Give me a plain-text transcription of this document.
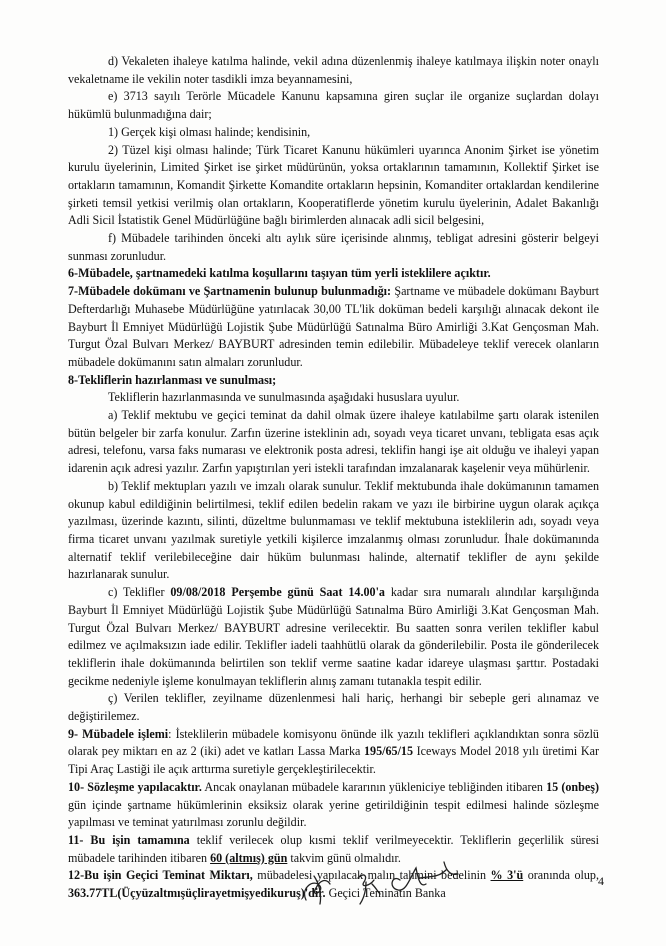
d) Vekaleten ihaleye katılma halinde, vekil adına düzenlenmiş ihaleye katılmaya ilişkin noter onaylı vekaletname ile vekilin noter tasdikli imza beyannamesini,

e) 3713 sayılı Terörle Mücadele Kanunu kapsamına giren suçlar ile organize suçlardan dolayı hükümlü bulunmadığına dair;

1) Gerçek kişi olması halinde; kendisinin,

2) Tüzel kişi olması halinde; Türk Ticaret Kanunu hükümleri uyarınca Anonim Şirket ise yönetim kurulu üyelerinin, Limited Şirket ise şirket müdürünün, yoksa ortaklarının tamamının, Kollektif Şirket ise ortakların tamamının, Komandit Şirkette Komandite ortakların hepsinin, Komanditer ortaklardan kendilerine şirketi temsil yetkisi verilmiş olan ortakların, Kooperatiflerde yönetim kurulu üyelerinin, Adalet Bakanlığı Adli Sicil İstatistik Genel Müdürlüğüne bağlı birimlerden alınacak adli sicil belgesini,

f) Mübadele tarihinden önceki altı aylık süre içerisinde alınmış, tebligat adresini gösterir belgeyi sunması zorunludur.

6-Mübadele, şartnamedeki katılma koşullarını taşıyan tüm yerli isteklilere açıktır.

7-Mübadele dokümanı ve Şartnamenin bulunup bulunmadığı: Şartname ve mübadele dokümanı Bayburt Defterdarlığı Muhasebe Müdürlüğüne yatırılacak 30,00 TL'lik doküman bedeli karşılığı alınacak dekont ile Bayburt İl Emniyet Müdürlüğü Lojistik Şube Müdürlüğü Satınalma Büro Amirliği 3.Kat Gençosman Mah. Turgut Özal Bulvarı Merkez/ BAYBURT adresinden temin edilebilir. Mübadeleye teklif verecek olanların mübadele dokümanını satın almaları zorunludur.

8-Tekliflerin hazırlanması ve sunulması;

Tekliflerin hazırlanmasında ve sunulmasında aşağıdaki hususlara uyulur.

a) Teklif mektubu ve geçici teminat da dahil olmak üzere ihaleye katılabilme şartı olarak istenilen bütün belgeler bir zarfa konulur. Zarfın üzerine isteklinin adı, soyadı veya ticaret unvanı, tebligata esas açık adresi, telefonu, varsa faks numarası ve elektronik posta adresi, teklifin hangi işe ait olduğu ve ihaleyi yapan idarenin açık adresi yazılır. Zarfın yapıştırılan yeri istekli tarafından imzalanarak kaşelenir veya mühürlenir.

b) Teklif mektupları yazılı ve imzalı olarak sunulur. Teklif mektubunda ihale dokümanının tamamen okunup kabul edildiğinin belirtilmesi, teklif edilen bedelin rakam ve yazı ile birbirine uygun olarak açıkça yazılması, üzerinde kazıntı, silinti, düzeltme bulunmaması ve teklif mektubuna isteklilerin adı, soyadı veya firma ticaret unvanı yazılmak suretiyle yetkili kişilerce imzalanmış olması zorunludur. İhale dokümanında alternatif teklif verilebileceğine dair hüküm bulunması halinde, alternatif teklifler de aynı şekilde hazırlanarak sunulur.

c) Teklifler 09/08/2018 Perşembe günü Saat 14.00'a kadar sıra numaralı alındılar karşılığında Bayburt İl Emniyet Müdürlüğü Lojistik Şube Müdürlüğü Satınalma Büro Amirliği 3.Kat Gençosman Mah. Turgut Özal Bulvarı Merkez/ BAYBURT adresine verilecektir. Bu saatten sonra verilen teklifler kabul edilmez ve açılmaksızın iade edilir. Teklifler iadeli taahhütlü olarak da gönderilebilir. Posta ile gönderilecek tekliflerin ihale dokümanında belirtilen son teklif verme saatine kadar idareye ulaşması şarttır. Postadaki gecikme nedeniyle işleme konulmayan tekliflerin alınış zamanı tutanakla tespit edilir.

ç) Verilen teklifler, zeyilname düzenlenmesi hali hariç, herhangi bir sebeple geri alınamaz ve değiştirilemez.

9- Mübadele işlemi: İsteklilerin mübadele komisyonu önünde ilk yazılı teklifleri açıklandıktan sonra sözlü olarak pey miktarı en az 2 (iki) adet ve katları Lassa Marka 195/65/15 Iceways Model 2018 yılı üretimi Kar Tipi Araç Lastiği ile açık arttırma suretiyle gerçekleştirilecektir.

10- Sözleşme yapılacaktır. Ancak onaylanan mübadele kararının yükleniciye tebliğinden itibaren 15 (onbeş) gün içinde şartname hükümlerinin eksiksiz olarak yerine getirildiğinin tespit edilmesi halinde sözleşme yapılması ve teminat yatırılması zorunlu değildir.

11- Bu işin tamamına teklif verilecek olup kısmi teklif verilmeyecektir. Tekliflerin geçerlilik süresi mübadele tarihinden itibaren 60 (altmış) gün takvim günü olmalıdır.

12-Bu işin Geçici Teminat Miktarı, mübadelesi yapılacak malın tahmini bedelinin % 3'ü oranında olup, 363.77TL(Üçyüzaltmışüçlirayetmişyedikuruş)'dir. Geçici Teminatın Banka

4
